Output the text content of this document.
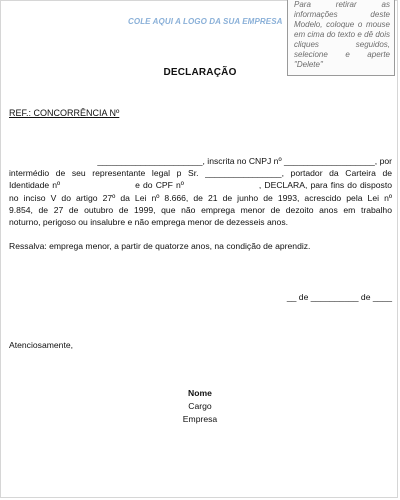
COLE AQUI A LOGO DA SUA EMPRESA
Para retirar as informações deste Modelo, coloque o mouse em cima do texto e dê dois cliques seguidos, selecione e aperte "Delete"
DECLARAÇÃO
REF.: CONCORRÊNCIA Nº
______________________, inscrita no CNPJ nº ___________________, por
intermédio de seu representante legal p Sr. ________________, portador da Carteira de
Identidade nº                        e do CPF nº                        , DECLARA, para fins do disposto
no inciso V do artigo 27º da Lei nº 8.666, de 21 de junho de 1993, acrescido pela Lei nº
9.854, de 27 de outubro de 1999, que não emprega menor de dezoito anos em trabalho
noturno, perigoso ou insalubre e não emprega menor de dezesseis anos.
Ressalva: emprega menor, a partir de quatorze anos, na condição de aprendiz.
__ de __________ de ____
Atenciosamente,
Nome
Cargo
Empresa
